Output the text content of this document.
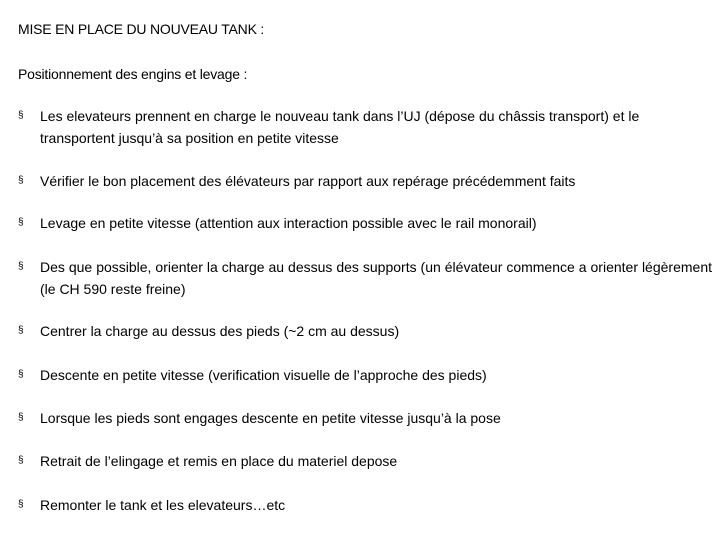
MISE EN PLACE DU NOUVEAU TANK :
Positionnement des engins et levage :
§	Les elevateurs prennent en charge le nouveau tank dans l’UJ (dépose du châssis transport) et le transportent jusqu’à sa position en petite vitesse
§	Vérifier le bon placement des élévateurs par rapport aux repérage précédemment faits
§	Levage en petite vitesse (attention aux interaction possible avec le rail monorail)
§	Des que possible, orienter la charge au dessus des supports (un élévateur commence a orienter légèrement (le CH 590 reste freine)
§	Centrer la charge au dessus des pieds (~2 cm au dessus)
§	Descente en petite vitesse (verification visuelle de l’approche des pieds)
§	Lorsque les pieds sont engages descente en petite vitesse jusqu’à la pose
§	Retrait de l’elingage et remis en place du materiel depose
§	Remonter le tank et les elevateurs…etc
